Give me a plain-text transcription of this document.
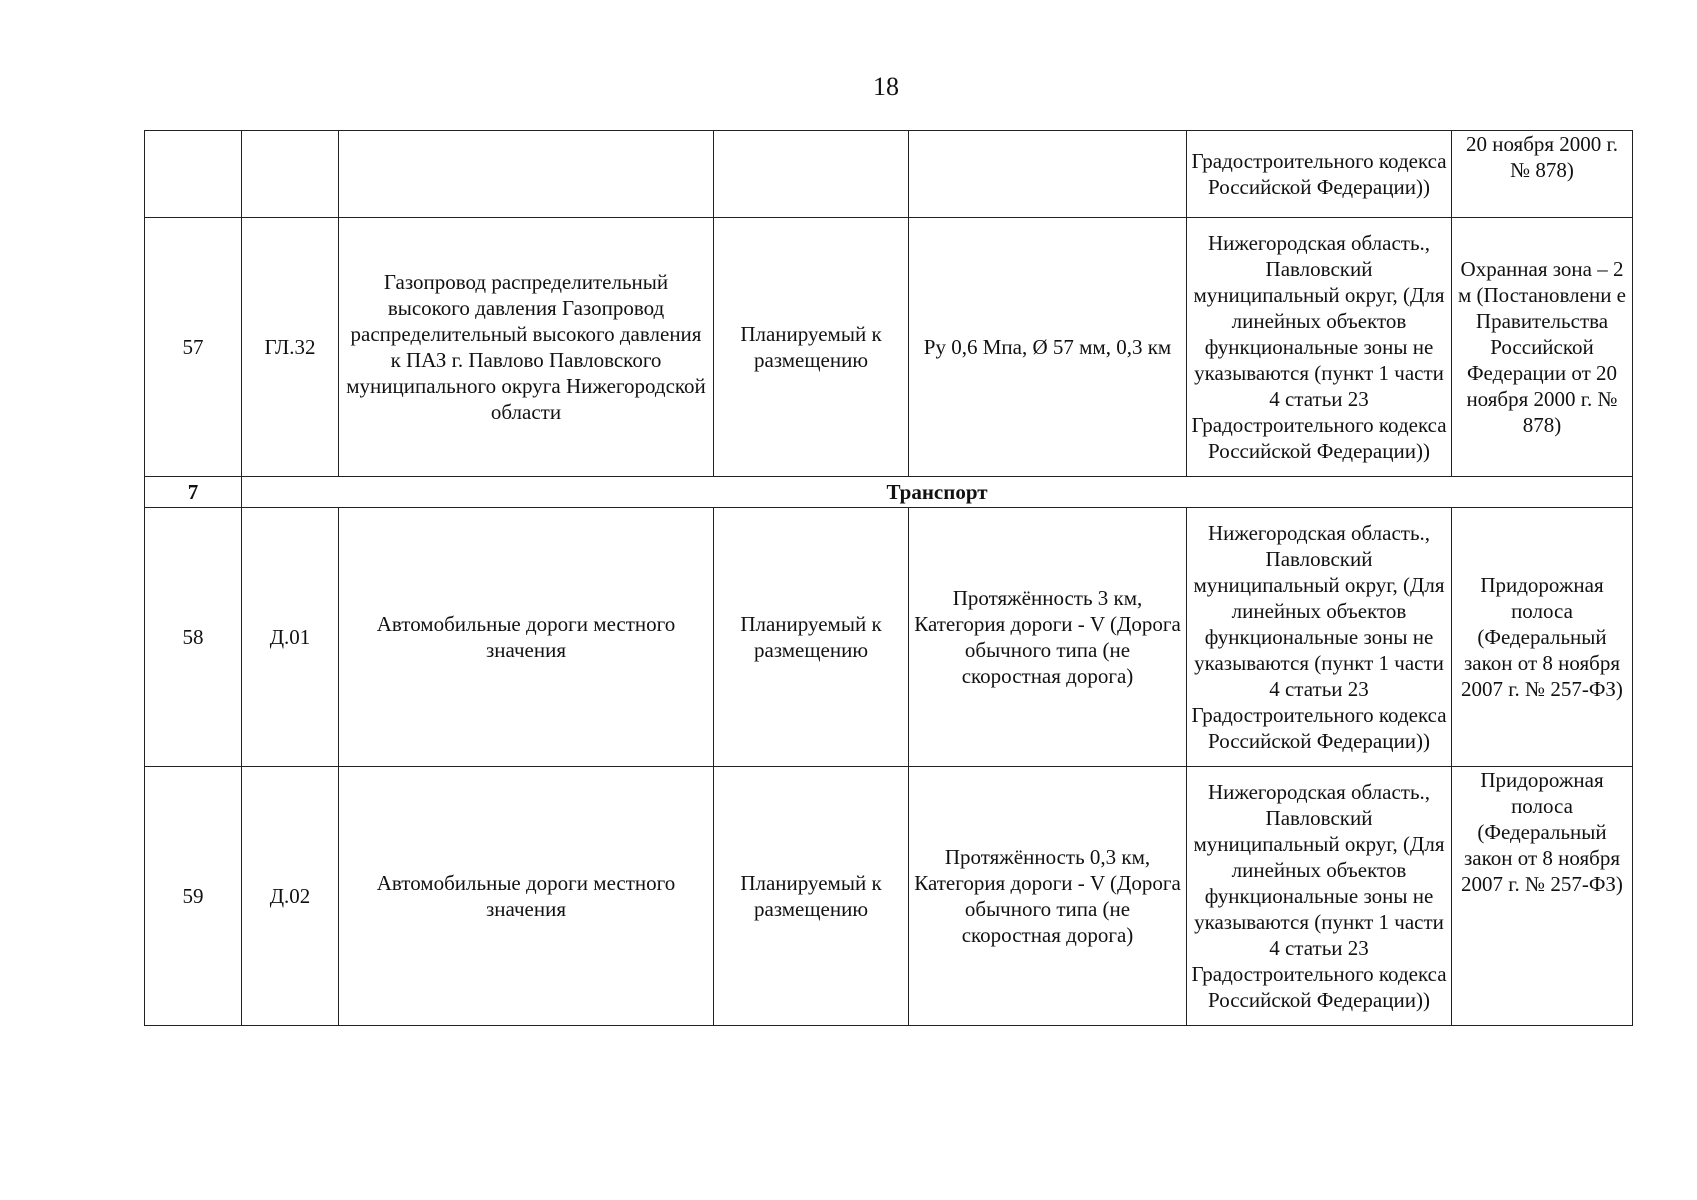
18
					Градостроительного кодекса Российской Федерации))	20 ноября 2000 г. № 878)
57	ГЛ.32	Газопровод распределительный высокого давления Газопровод распределительный высокого давления к ПАЗ г. Павлово Павловского муниципального округа Нижегородской области	Планируемый к размещению	Ру 0,6 Мпа, Ø 57 мм, 0,3 км	Нижегородская область., Павловский муниципальный округ, (Для линейных объектов функциональные зоны не указываются (пункт 1 части 4 статьи 23 Градостроительного кодекса Российской Федерации))	Охранная зона – 2 м (Постановлени е Правительства Российской Федерации от 20 ноября 2000 г. № 878)
7	Транспорт					
58	Д.01	Автомобильные дороги местного значения	Планируемый к размещению	Протяжённость 3 км, Категория дороги - V (Дорога обычного типа (не скоростная дорога)	Нижегородская область., Павловский муниципальный округ, (Для линейных объектов функциональные зоны не указываются (пункт 1 части 4 статьи 23 Градостроительного кодекса Российской Федерации))	Придорожная полоса (Федеральный закон от 8 ноября 2007 г. № 257-ФЗ)
59	Д.02	Автомобильные дороги местного значения	Планируемый к размещению	Протяжённость 0,3 км, Категория дороги - V (Дорога обычного типа (не скоростная дорога)	Нижегородская область., Павловский муниципальный округ, (Для линейных объектов функциональные зоны не указываются (пункт 1 части 4 статьи 23 Градостроительного кодекса Российской Федерации))	Придорожная полоса (Федеральный закон от 8 ноября 2007 г. № 257-ФЗ)
